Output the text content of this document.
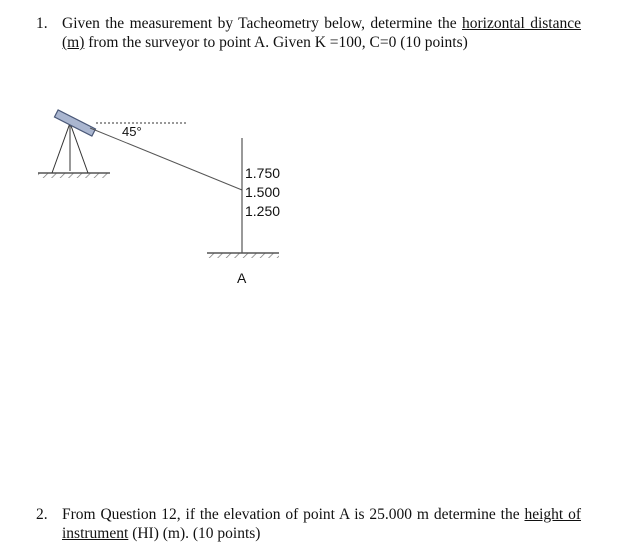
1. Given the measurement by Tacheometry below, determine the horizontal distance (m) from the surveyor to point A. Given K =100, C=0 (10 points)
45°
1.750
1.500
1.250
A
2. From Question 12, if the elevation of point A is 25.000 m determine the height of instrument (HI) (m). (10 points)
